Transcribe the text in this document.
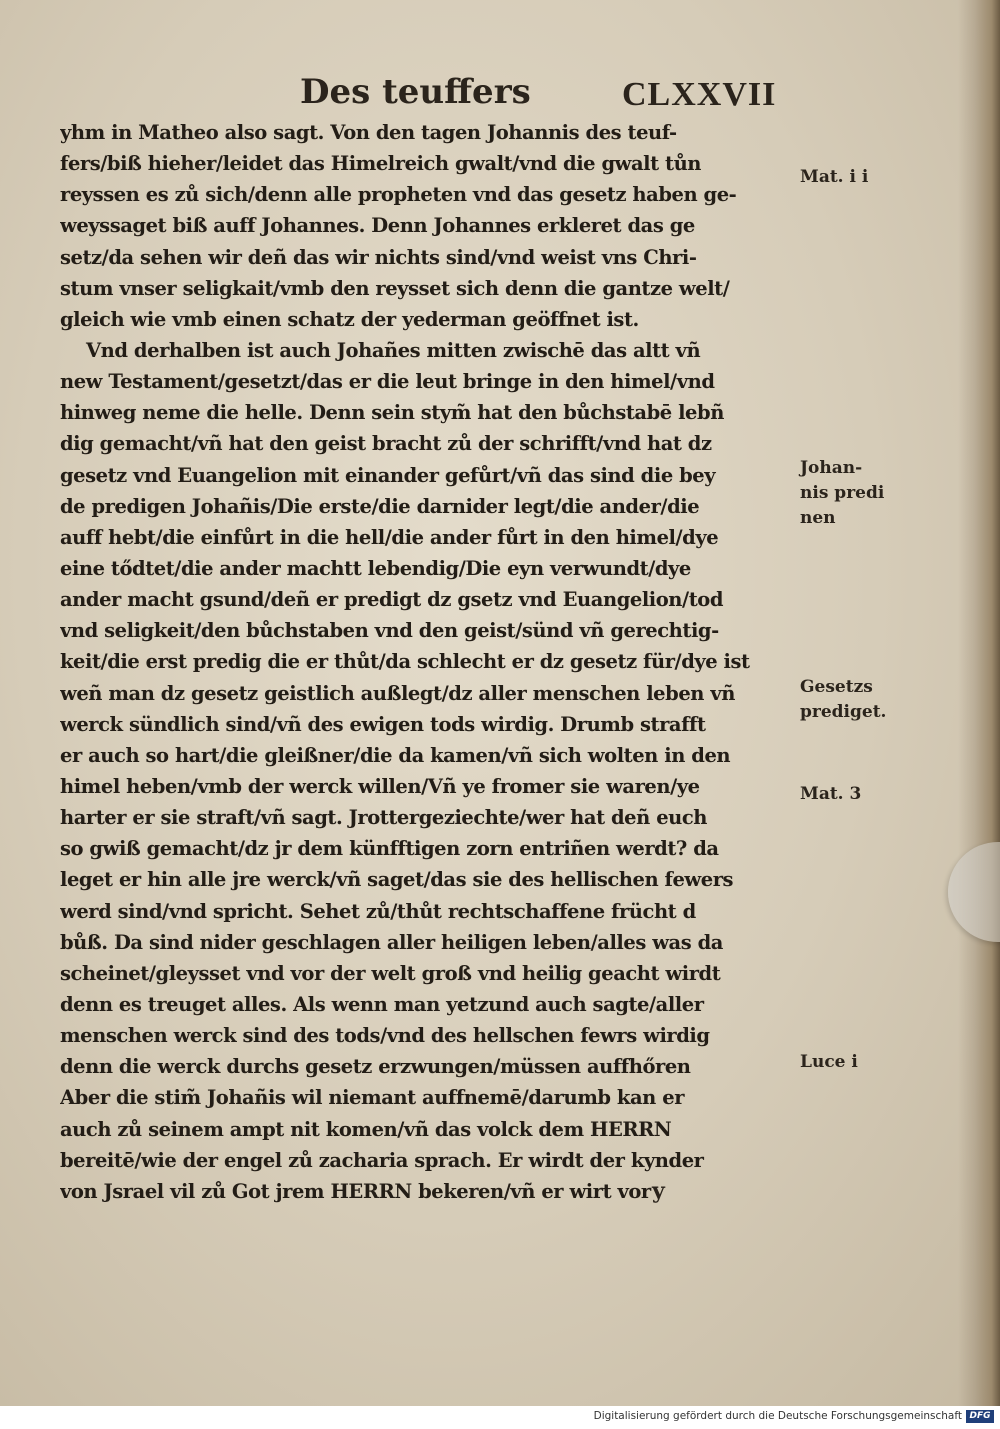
Des teuffers	CLXXVII
yhm in Matheo also sagt. Von den tagen Johannis des teuf-
fers/biß hieher/leidet das Himelreich gwalt/vnd die gwalt tůn
reyssen es zů sich/denn alle propheten vnd das gesetz haben ge-
weyssaget biß auff Johannes. Denn Johannes erkleret das ge
setz/da sehen wir deñ das wir nichts sind/vnd weist vns Chri-
stum vnser seligkait/vmb den reysset sich denn die gantze welt/
gleich wie vmb einen schatz der yederman geöffnet ist.
Vnd derhalben ist auch Johañes mitten zwischē das altt vñ
new Testament/gesetzt/das er die leut bringe in den himel/vnd
hinweg neme die helle. Denn sein stym̃ hat den bůchstabē lebñ
dig gemacht/vñ hat den geist bracht zů der schrifft/vnd hat dz
gesetz vnd Euangelion mit einander gefůrt/vñ das sind die bey
de predigen Johañis/Die erste/die darnider legt/die ander/die
auff hebt/die einfůrt in die hell/die ander fůrt in den himel/dye
eine tődtet/die ander machtt lebendig/Die eyn verwundt/dye
ander macht gsund/deñ er predigt dz gsetz vnd Euangelion/tod
vnd seligkeit/den bůchstaben vnd den geist/sünd vñ gerechtig-
keit/die erst predig die er thůt/da schlecht er dz gesetz für/dye ist
weñ man dz gesetz geistlich außlegt/dz aller menschen leben vñ
werck sündlich sind/vñ des ewigen tods wirdig. Drumb strafft
er auch so hart/die gleißner/die da kamen/vñ sich wolten in den
himel heben/vmb der werck willen/Vñ ye fromer sie waren/ye
harter er sie straft/vñ sagt. Jrottergeziechte/wer hat deñ euch
so gwiß gemacht/dz jr dem künfftigen zorn entriñen werdt? da
leget er hin alle jre werck/vñ saget/das sie des hellischen fewers
werd sind/vnd spricht. Sehet zů/thůt rechtschaffene frücht d
bůß. Da sind nider geschlagen aller heiligen leben/alles was da
scheinet/gleysset vnd vor der welt groß vnd heilig geacht wirdt
denn es treuget alles. Als wenn man yetzund auch sagte/aller
menschen werck sind des tods/vnd des hellschen fewrs wirdig
denn die werck durchs gesetz erzwungen/müssen auffhőren
Aber die stim̃ Johañis wil niemant auffnemē/darumb kan er
auch zů seinem ampt nit komen/vñ das volck dem HERRN
bereitē/wie der engel zů zacharia sprach. Er wirdt der kynder
von Jsrael vil zů Got jrem HERRN bekeren/vñ er wirt vor
Mat. i i
Johan-
nis predi
nen
Gesetzs
prediget.
Mat. 3
Luce i
y
Digitalisierung gefördert durch die Deutsche Forschungsgemeinschaft DFG
